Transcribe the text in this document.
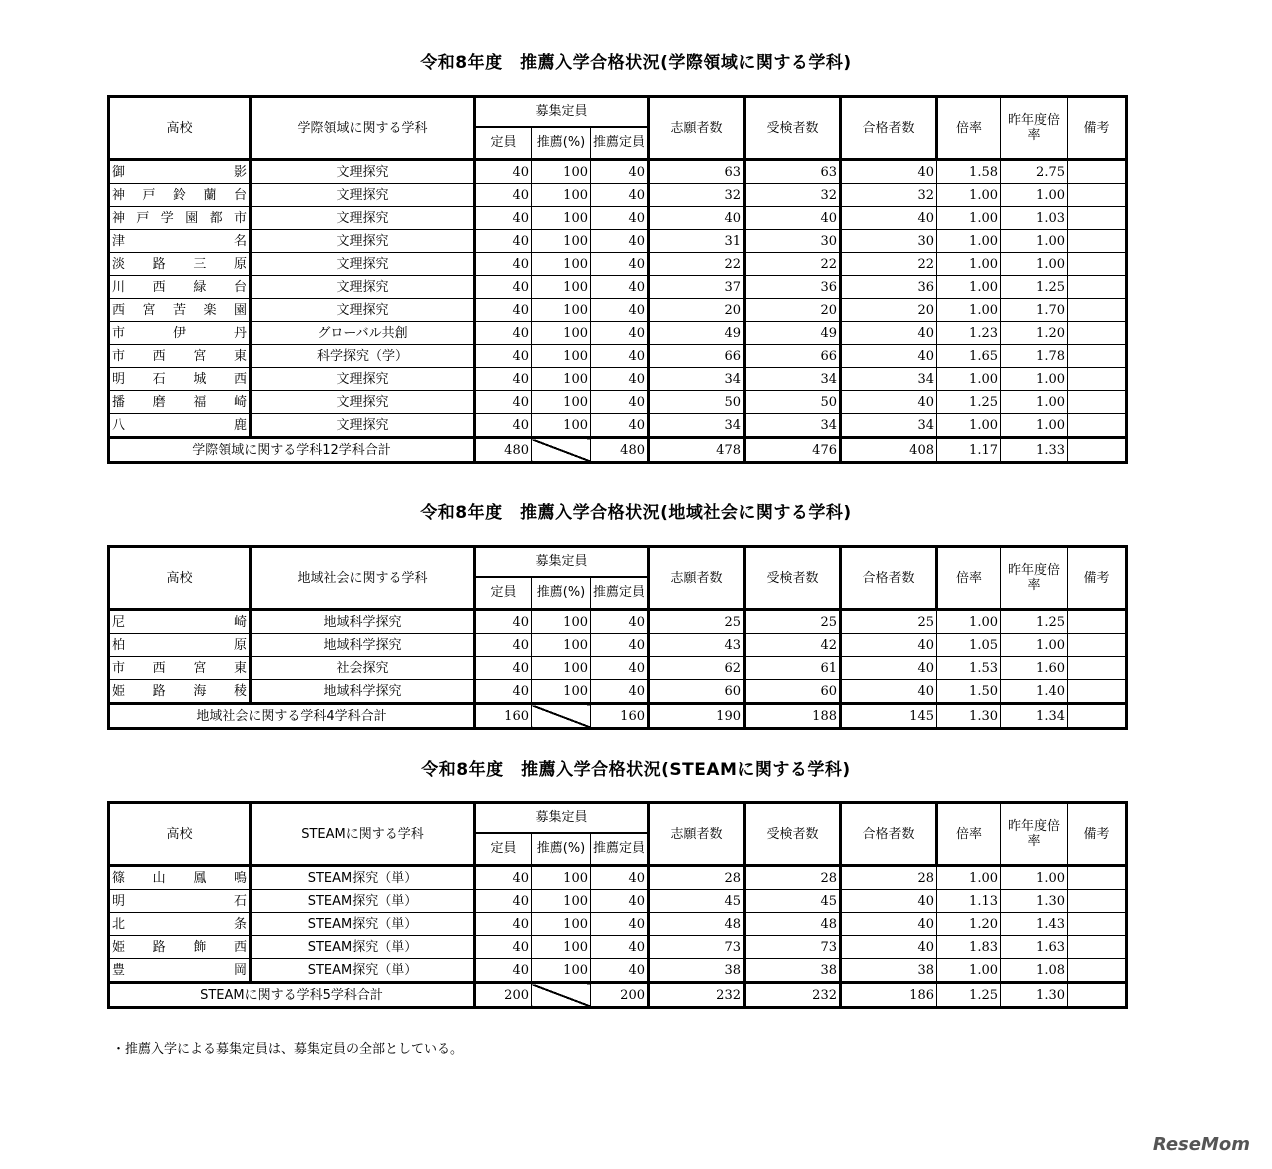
令和8年度　推薦入学合格状況(学際領域に関する学科)
高校	学際領域に関する学科	募集定員			志願者数	受検者数	合格者数	倍率	昨年度倍率	備考
		定員	推薦(%)	推薦定員						
御影	文理探究	40	100	40	63	63	40	1.58	2.75	
神戸鈴蘭台	文理探究	40	100	40	32	32	32	1.00	1.00	
神戸学園都市	文理探究	40	100	40	40	40	40	1.00	1.03	
津名	文理探究	40	100	40	31	30	30	1.00	1.00	
淡路三原	文理探究	40	100	40	22	22	22	1.00	1.00	
川西緑台	文理探究	40	100	40	37	36	36	1.00	1.25	
西宮苦楽園	文理探究	40	100	40	20	20	20	1.00	1.70	
市伊丹	グローバル共創	40	100	40	49	49	40	1.23	1.20	
市西宮東	科学探究（学）	40	100	40	66	66	40	1.65	1.78	
明石城西	文理探究	40	100	40	34	34	34	1.00	1.00	
播磨福崎	文理探究	40	100	40	50	50	40	1.25	1.00	
八鹿	文理探究	40	100	40	34	34	34	1.00	1.00	
学際領域に関する学科12学科合計		480		480	478	476	408	1.17	1.33	
令和8年度　推薦入学合格状況(地域社会に関する学科)
高校	地域社会に関する学科	募集定員			志願者数	受検者数	合格者数	倍率	昨年度倍率	備考
		定員	推薦(%)	推薦定員						
尼崎	地域科学探究	40	100	40	25	25	25	1.00	1.25	
柏原	地域科学探究	40	100	40	43	42	40	1.05	1.00	
市西宮東	社会探究	40	100	40	62	61	40	1.53	1.60	
姫路海稜	地域科学探究	40	100	40	60	60	40	1.50	1.40	
地域社会に関する学科4学科合計		160		160	190	188	145	1.30	1.34	
令和8年度　推薦入学合格状況(STEAMに関する学科)
高校	STEAMに関する学科	募集定員			志願者数	受検者数	合格者数	倍率	昨年度倍率	備考
		定員	推薦(%)	推薦定員						
篠山鳳鳴	STEAM探究（単）	40	100	40	28	28	28	1.00	1.00	
明石	STEAM探究（単）	40	100	40	45	45	40	1.13	1.30	
北条	STEAM探究（単）	40	100	40	48	48	40	1.20	1.43	
姫路飾西	STEAM探究（単）	40	100	40	73	73	40	1.83	1.63	
豊岡	STEAM探究（単）	40	100	40	38	38	38	1.00	1.08	
STEAMに関する学科5学科合計		200		200	232	232	186	1.25	1.30	
・推薦入学による募集定員は、募集定員の全部としている。
ReseMom
